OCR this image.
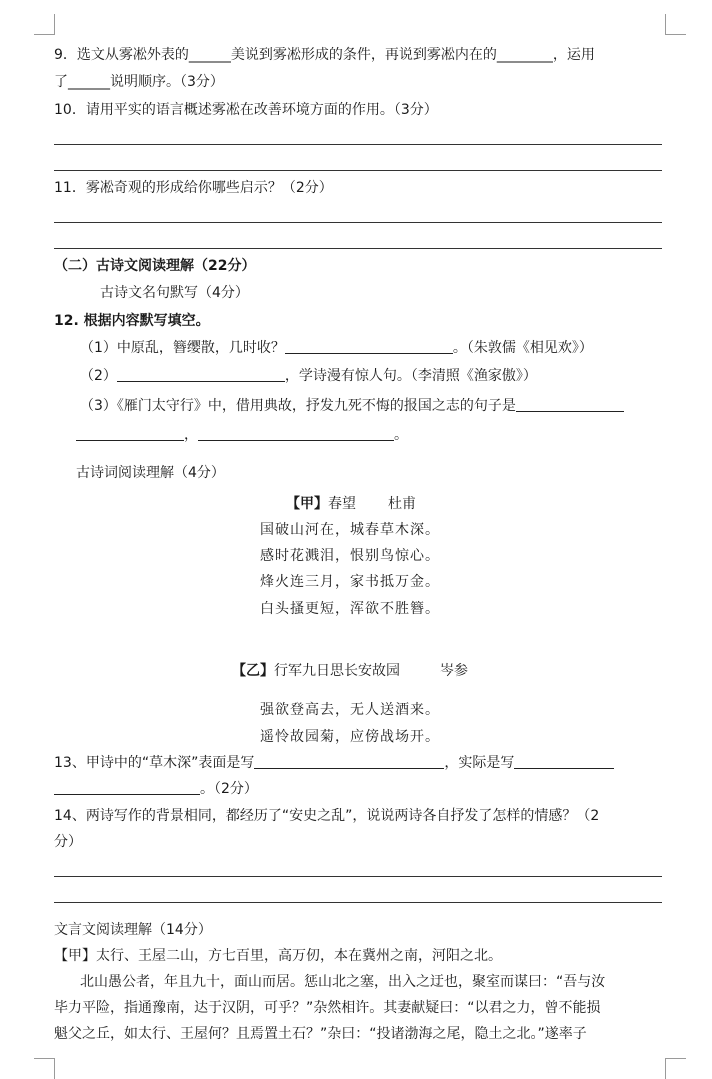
9．选文从雾凇外表的______美说到雾凇形成的条件，再说到雾凇内在的________，运用
了______说明顺序。（3分）
10．请用平实的语言概述雾凇在改善环境方面的作用。（3分）
11．雾凇奇观的形成给你哪些启示？（2分）
（二）古诗文阅读理解（22分）
古诗文名句默写（4分）
12. 根据内容默写填空。
（1）中原乱，簪缨散，几时收？	。（朱敦儒《相见欢》）
（2）	，学诗漫有惊人句。（李清照《渔家傲》）
（3）《雁门太守行》中，借用典故，抒发九死不悔的报国之志的句子是
，	。
古诗词阅读理解（4分）
【甲】春望 杜甫
国破山河在，城春草木深。
感时花溅泪，恨别鸟惊心。
烽火连三月，家书抵万金。
白头搔更短，浑欲不胜簪。
【乙】行军九日思长安故园	岑参
强欲登高去，无人送酒来。
遥怜故园菊，应傍战场开。
13、甲诗中的“草木深”表面是写	，实际是写
。（2分）
14、两诗写作的背景相同，都经历了“安史之乱”，说说两诗各自抒发了怎样的情感？（2
分）
文言文阅读理解（14分）
【甲】太行、王屋二山，方七百里，高万仞，本在冀州之南，河阳之北。
北山愚公者，年且九十，面山而居。惩山北之塞，出入之迂也，聚室而谋曰：“吾与汝
毕力平险，指通豫南，达于汉阴，可乎？”杂然相许。其妻献疑曰：“以君之力，曾不能损
魁父之丘，如太行、王屋何？且焉置土石？”杂曰：“投诸渤海之尾，隐土之北。”遂率子
